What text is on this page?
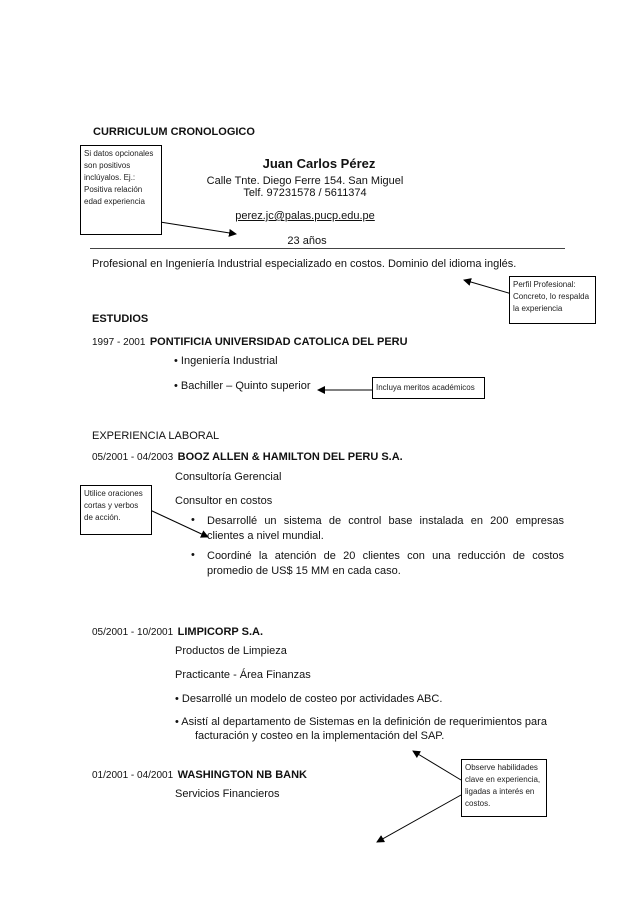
CURRICULUM CRONOLOGICO
Si datos opcionales son positivos inclúyalos. Ej.: Positiva relación edad experiencia
Juan Carlos Pérez
Calle Tnte. Diego Ferre 154. San Miguel
Telf. 97231578 / 5611374
perez.jc@palas.pucp.edu.pe
23 años
Profesional en Ingeniería Industrial especializado en costos. Dominio del idioma inglés.
Perfil Profesional: Concreto, lo respalda la experiencia
ESTUDIOS
1997 - 2001 PONTIFICIA UNIVERSIDAD CATOLICA DEL PERU
• Ingeniería Industrial
• Bachiller – Quinto superior	Incluya meritos académicos
EXPERIENCIA LABORAL
05/2001 - 04/2003 BOOZ ALLEN & HAMILTON DEL PERU S.A.
Consultoría Gerencial
Consultor en costos
Utilice oraciones cortas y verbos de acción.	• Desarrollé un sistema de control base instalada en 200 empresas clientes a nivel mundial.
• Coordiné la atención de 20 clientes con una reducción de costos promedio de US$ 15 MM en cada caso.
05/2001 - 10/2001 LIMPICORP S.A.
Productos de Limpieza
Practicante - Área Finanzas
• Desarrollé un modelo de costeo por actividades ABC.
• Asistí al departamento de Sistemas en la definición de requerimientos para
facturación y costeo en la implementación del SAP.
01/2001 - 04/2001 WASHINGTON NB BANK
Servicios Financieros
Observe habilidades clave en experiencia, ligadas a interés en costos.
